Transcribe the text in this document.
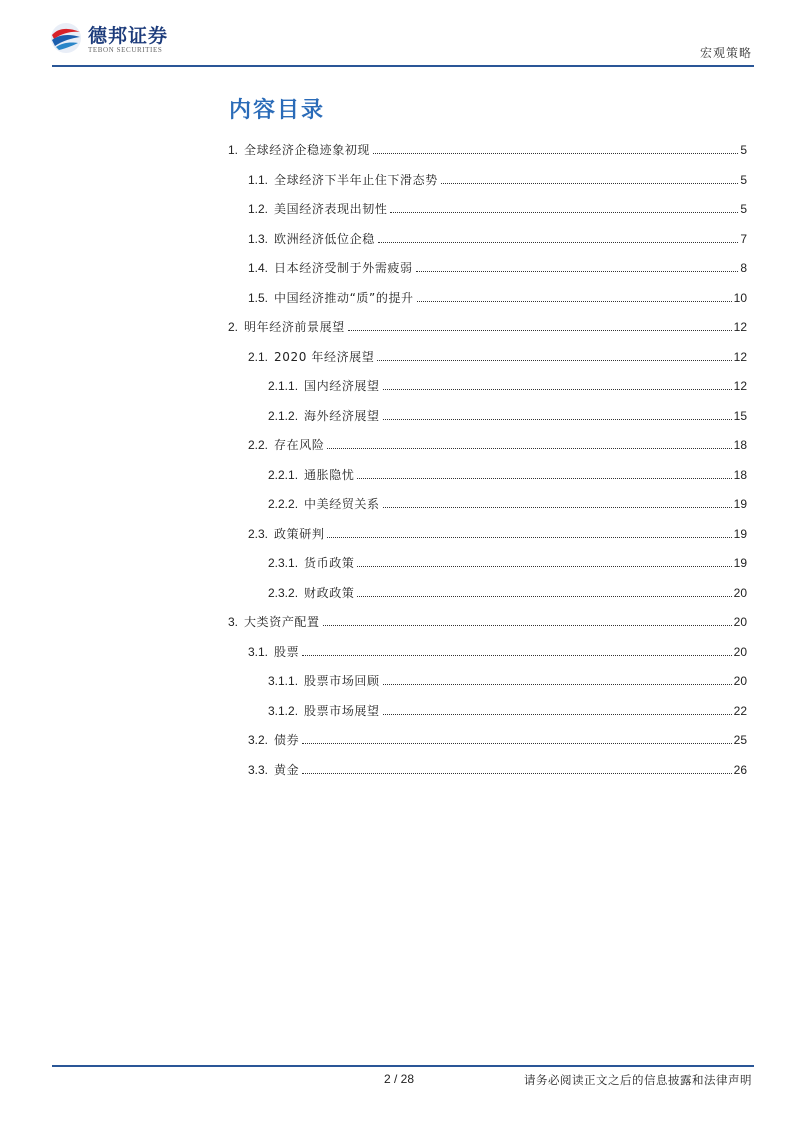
德邦证券
TEBON SECURITIES	宏观策略
内容目录
1. 全球经济企稳迹象初现	5
1.1. 全球经济下半年止住下滑态势	5
1.2. 美国经济表现出韧性	5
1.3. 欧洲经济低位企稳	7
1.4. 日本经济受制于外需疲弱	8
1.5. 中国经济推动“质”的提升	10
2. 明年经济前景展望	12
2.1. 2020 年经济展望	12
2.1.1. 国内经济展望	12
2.1.2. 海外经济展望	15
2.2. 存在风险	18
2.2.1. 通胀隐忧	18
2.2.2. 中美经贸关系	19
2.3. 政策研判	19
2.3.1. 货币政策	19
2.3.2. 财政政策	20
3. 大类资产配置	20
3.1. 股票	20
3.1.1. 股票市场回顾	20
3.1.2. 股票市场展望	22
3.2. 债券	25
3.3. 黄金	26
2 / 28	请务必阅读正文之后的信息披露和法律声明
